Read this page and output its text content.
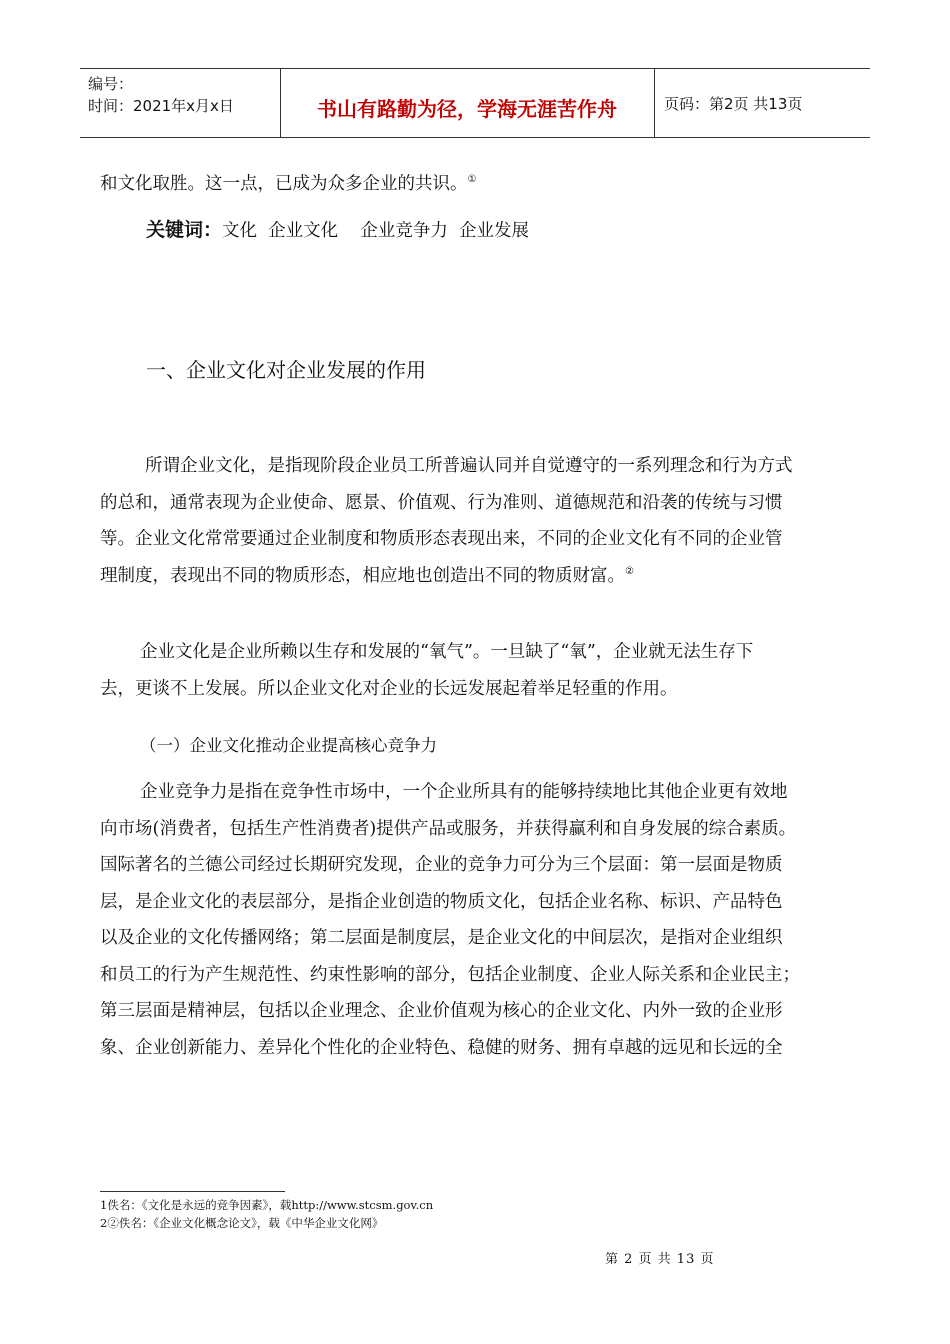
编号：
时间：2021年x月x日	书山有路勤为径，学海无涯苦作舟	页码：第2页 共13页
和文化取胜。这一点，已成为众多企业的共识。①
关键词：文化  企业文化    企业竞争力  企业发展
一、企业文化对企业发展的作用
所谓企业文化，是指现阶段企业员工所普遍认同并自觉遵守的一系列理念和行为方式
的总和，通常表现为企业使命、愿景、价值观、行为准则、道德规范和沿袭的传统与习惯
等。企业文化常常要通过企业制度和物质形态表现出来，不同的企业文化有不同的企业管
理制度，表现出不同的物质形态，相应地也创造出不同的物质财富。②
企业文化是企业所赖以生存和发展的“氧气”。一旦缺了“氧”，企业就无法生存下
去，更谈不上发展。所以企业文化对企业的长远发展起着举足轻重的作用。
（一）企业文化推动企业提高核心竞争力
企业竞争力是指在竞争性市场中，一个企业所具有的能够持续地比其他企业更有效地
向市场(消费者，包括生产性消费者)提供产品或服务，并获得赢利和自身发展的综合素质。
国际著名的兰德公司经过长期研究发现，企业的竞争力可分为三个层面：第一层面是物质
层，是企业文化的表层部分，是指企业创造的物质文化，包括企业名称、标识、产品特色
以及企业的文化传播网络；第二层面是制度层，是企业文化的中间层次，是指对企业组织
和员工的行为产生规范性、约束性影响的部分，包括企业制度、企业人际关系和企业民主；
第三层面是精神层，包括以企业理念、企业价值观为核心的企业文化、内外一致的企业形
象、企业创新能力、差异化个性化的企业特色、稳健的财务、拥有卓越的远见和长远的全
1佚名：《文化是永远的竞争因素》，载http://www.stcsm.gov.cn
2②佚名：《企业文化概念论文》，载《中华企业文化网》
第 2 页 共 13 页
